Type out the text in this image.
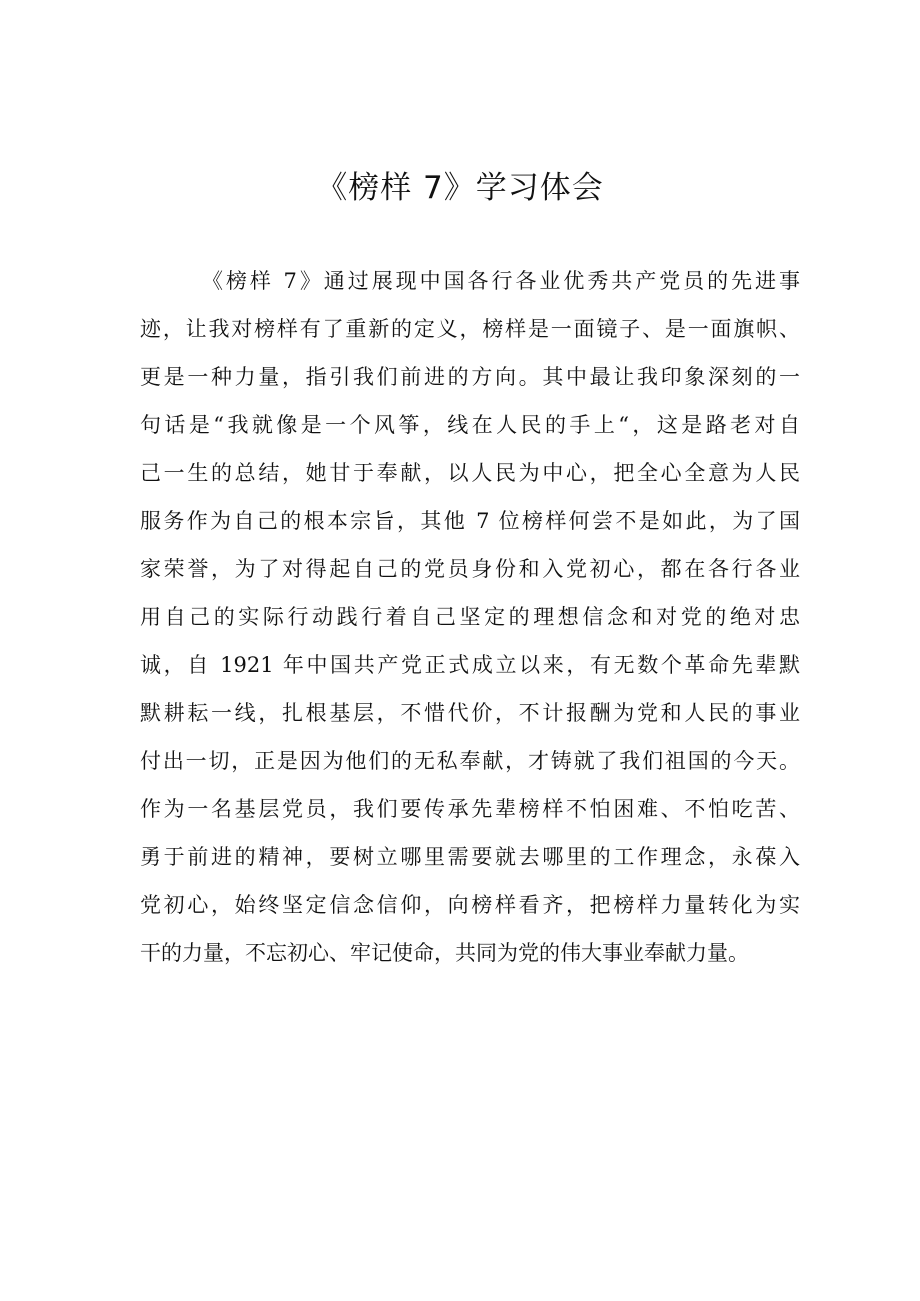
《榜样 7》学习体会
《榜样 7》通过展现中国各行各业优秀共产党员的先进事
迹，让我对榜样有了重新的定义，榜样是一面镜子、是一面旗帜、
更是一种力量，指引我们前进的方向。其中最让我印象深刻的一
句话是“我就像是一个风筝，线在人民的手上“，这是路老对自
己一生的总结，她甘于奉献，以人民为中心，把全心全意为人民
服务作为自己的根本宗旨，其他 7 位榜样何尝不是如此，为了国
家荣誉，为了对得起自己的党员身份和入党初心，都在各行各业
用自己的实际行动践行着自己坚定的理想信念和对党的绝对忠
诚，自 1921 年中国共产党正式成立以来，有无数个革命先辈默
默耕耘一线，扎根基层，不惜代价，不计报酬为党和人民的事业
付出一切，正是因为他们的无私奉献，才铸就了我们祖国的今天。
作为一名基层党员，我们要传承先辈榜样不怕困难、不怕吃苦、
勇于前进的精神，要树立哪里需要就去哪里的工作理念，永葆入
党初心，始终坚定信念信仰，向榜样看齐，把榜样力量转化为实
干的力量，不忘初心、牢记使命，共同为党的伟大事业奉献力量。
